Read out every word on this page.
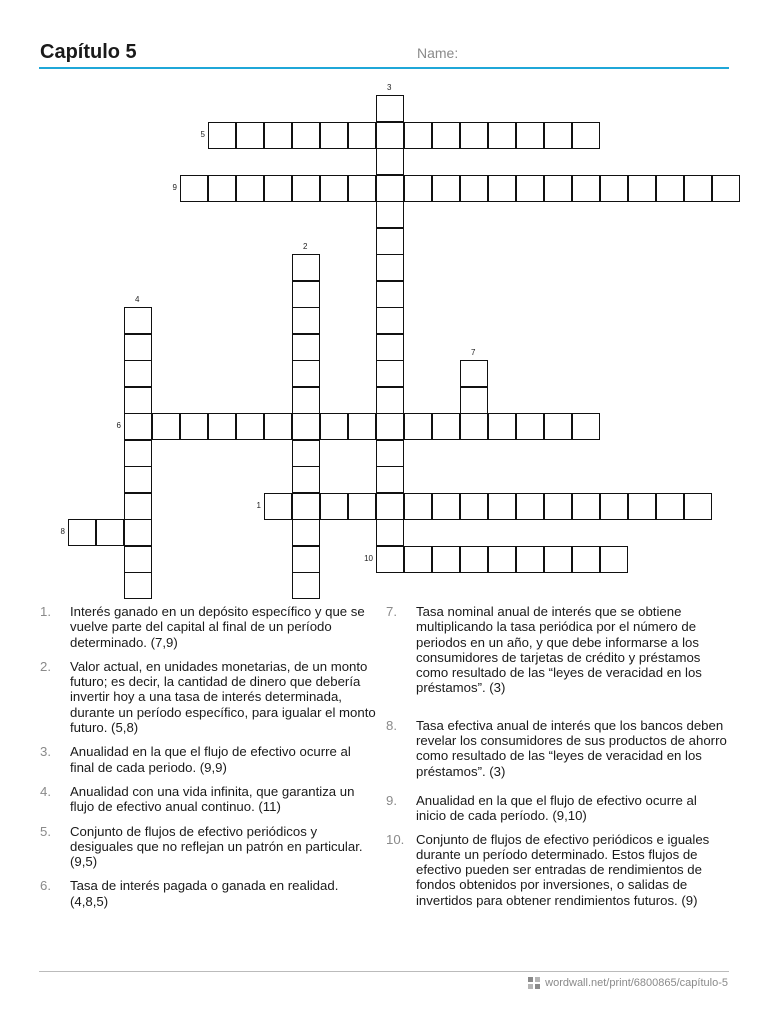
Capítulo 5	Name:
1
2
3
4
5
6
7
8
9
10
1. Interés ganado en un depósito específico y que se vuelve parte del capital al final de un período determinado. (7,9)
2. Valor actual, en unidades monetarias, de un monto futuro; es decir, la cantidad de dinero que debería invertir hoy a una tasa de interés determinada, durante un período específico, para igualar el monto futuro. (5,8)
3. Anualidad en la que el flujo de efectivo ocurre al final de cada periodo. (9,9)
4. Anualidad con una vida infinita, que garantiza un flujo de efectivo anual continuo. (11)
5. Conjunto de flujos de efectivo periódicos y desiguales que no reflejan un patrón en particular. (9,5)
6. Tasa de interés pagada o ganada en realidad. (4,8,5)
7. Tasa nominal anual de interés que se obtiene multiplicando la tasa periódica por el número de periodos en un año, y que debe informarse a los consumidores de tarjetas de crédito y préstamos como resultado de las “leyes de veracidad en los préstamos”. (3)
8. Tasa efectiva anual de interés que los bancos deben revelar los consumidores de sus productos de ahorro como resultado de las “leyes de veracidad en los préstamos”. (3)
9. Anualidad en la que el flujo de efectivo ocurre al inicio de cada período. (9,10)
10. Conjunto de flujos de efectivo periódicos e iguales durante un período determinado. Estos flujos de efectivo pueden ser entradas de rendimientos de fondos obtenidos por inversiones, o salidas de invertidos para obtener rendimientos futuros. (9)
wordwall.net/print/6800865/capítulo-5
